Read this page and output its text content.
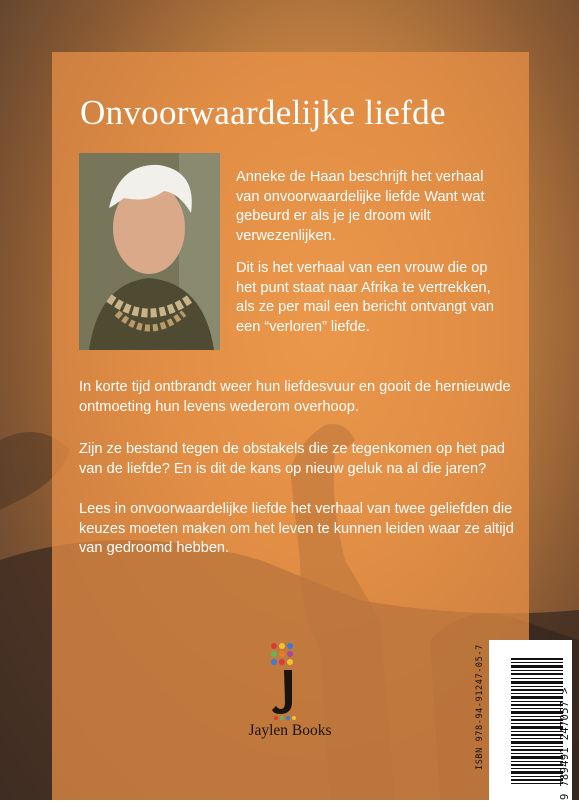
Onvoorwaardelijke liefde
Anneke de Haan beschrijft het verhaal van onvoorwaardelijke liefde Want wat gebeurd er als je je droom wilt verwezenlijken.
Dit is het verhaal van een vrouw die op het punt staat naar Afrika te vertrekken, als ze per mail een bericht ontvangt van een “verloren” liefde.
In korte tijd ontbrandt weer hun liefdesvuur en gooit de hernieuwde ontmoeting hun levens wederom overhoop.
Zijn ze bestand tegen de obstakels die ze tegenkomen op het pad van de liefde? En is dit de kans op nieuw geluk na al die jaren?
Lees in onvoorwaardelijke liefde het verhaal van twee geliefden die keuzes moeten maken om het leven te kunnen leiden waar ze altijd van gedroomd hebben.
Jaylen Books	ISBN 978-94-91247-05-7	9 789491 247057 >
